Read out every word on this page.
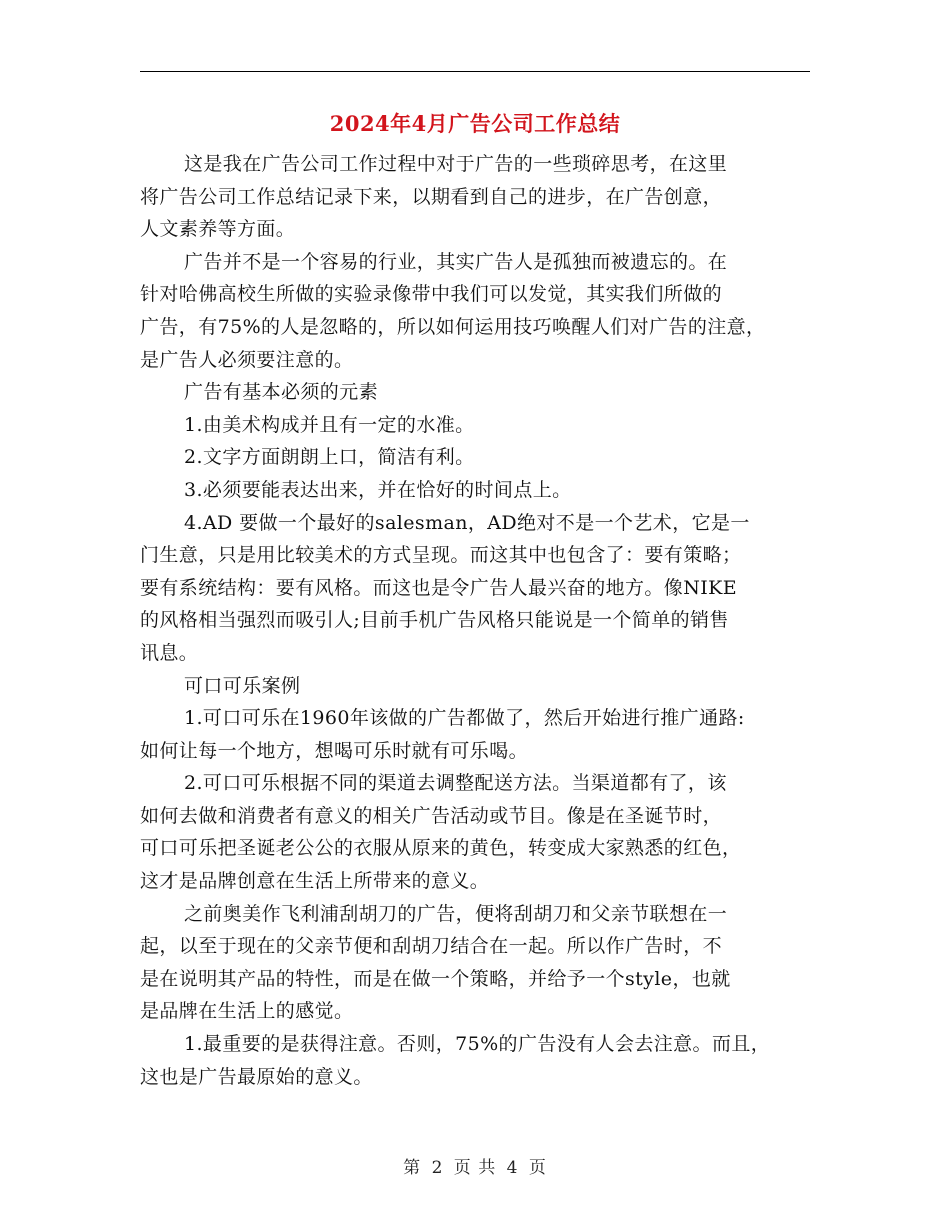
2024年4月广告公司工作总结
这是我在广告公司工作过程中对于广告的一些琐碎思考，在这里
将广告公司工作总结记录下来，以期看到自己的进步，在广告创意，
人文素养等方面。
广告并不是一个容易的行业，其实广告人是孤独而被遗忘的。在
针对哈佛高校生所做的实验录像带中我们可以发觉，其实我们所做的
广告，有75%的人是忽略的，所以如何运用技巧唤醒人们对广告的注意，
是广告人必须要注意的。
广告有基本必须的元素
1.由美术构成并且有一定的水准。
2.文字方面朗朗上口，简洁有利。
3.必须要能表达出来，并在恰好的时间点上。
4.AD 要做一个最好的salesman，AD绝对不是一个艺术，它是一
门生意，只是用比较美术的方式呈现。而这其中也包含了：要有策略；
要有系统结构：要有风格。而这也是令广告人最兴奋的地方。像NIKE
的风格相当强烈而吸引人;目前手机广告风格只能说是一个简单的销售
讯息。
可口可乐案例
1.可口可乐在1960年该做的广告都做了，然后开始进行推广通路:
如何让每一个地方，想喝可乐时就有可乐喝。
2.可口可乐根据不同的渠道去调整配送方法。当渠道都有了，该
如何去做和消费者有意义的相关广告活动或节目。像是在圣诞节时，
可口可乐把圣诞老公公的衣服从原来的黄色，转变成大家熟悉的红色，
这才是品牌创意在生活上所带来的意义。
之前奥美作飞利浦刮胡刀的广告，便将刮胡刀和父亲节联想在一
起，以至于现在的父亲节便和刮胡刀结合在一起。所以作广告时，不
是在说明其产品的特性，而是在做一个策略，并给予一个style，也就
是品牌在生活上的感觉。
1.最重要的是获得注意。否则，75%的广告没有人会去注意。而且，
这也是广告最原始的意义。
第 2 页 共 4 页
